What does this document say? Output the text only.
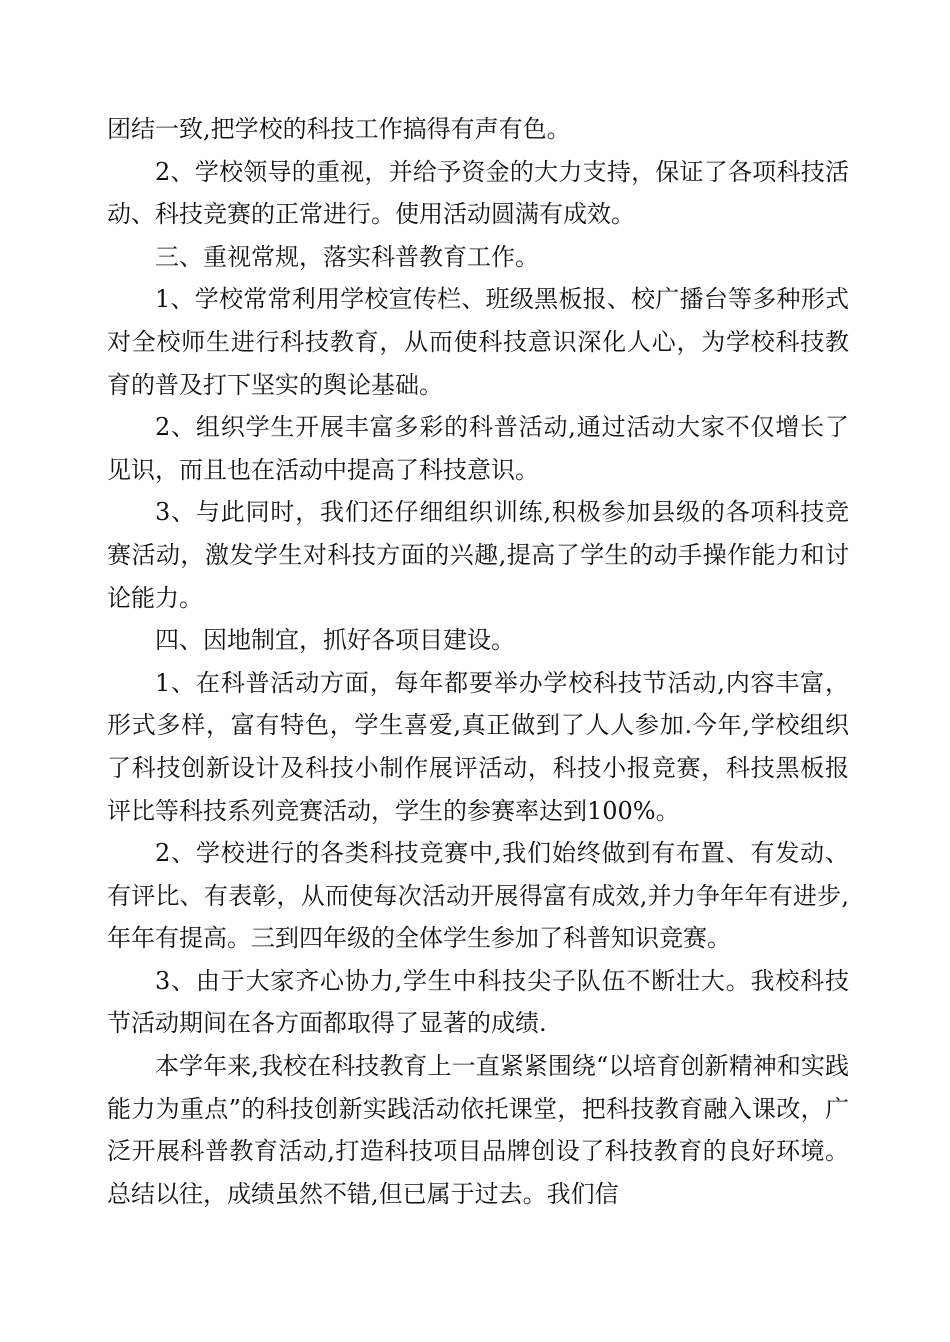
团结一致,把学校的科技工作搞得有声有色。

2、学校领导的重视，并给予资金的大力支持，保证了各项科技活动、科技竞赛的正常进行。使用活动圆满有成效。

三、重视常规，落实科普教育工作。

1、学校常常利用学校宣传栏、班级黑板报、校广播台等多种形式对全校师生进行科技教育，从而使科技意识深化人心，为学校科技教育的普及打下坚实的舆论基础。

2、组织学生开展丰富多彩的科普活动,通过活动大家不仅增长了见识，而且也在活动中提高了科技意识。

3、与此同时，我们还仔细组织训练,积极参加县级的各项科技竞赛活动，激发学生对科技方面的兴趣,提高了学生的动手操作能力和讨论能力。

四、因地制宜，抓好各项目建设。

1、在科普活动方面，每年都要举办学校科技节活动,内容丰富，形式多样，富有特色，学生喜爱,真正做到了人人参加.今年,学校组织了科技创新设计及科技小制作展评活动，科技小报竞赛，科技黑板报评比等科技系列竞赛活动，学生的参赛率达到100%。

2、学校进行的各类科技竞赛中,我们始终做到有布置、有发动、有评比、有表彰，从而使每次活动开展得富有成效,并力争年年有进步,年年有提高。三到四年级的全体学生参加了科普知识竞赛。

3、由于大家齐心协力,学生中科技尖子队伍不断壮大。我校科技节活动期间在各方面都取得了显著的成绩.

本学年来,我校在科技教育上一直紧紧围绕“以培育创新精神和实践能力为重点”的科技创新实践活动依托课堂，把科技教育融入课改，广泛开展科普教育活动,打造科技项目品牌创设了科技教育的良好环境。总结以往，成绩虽然不错,但已属于过去。我们信
